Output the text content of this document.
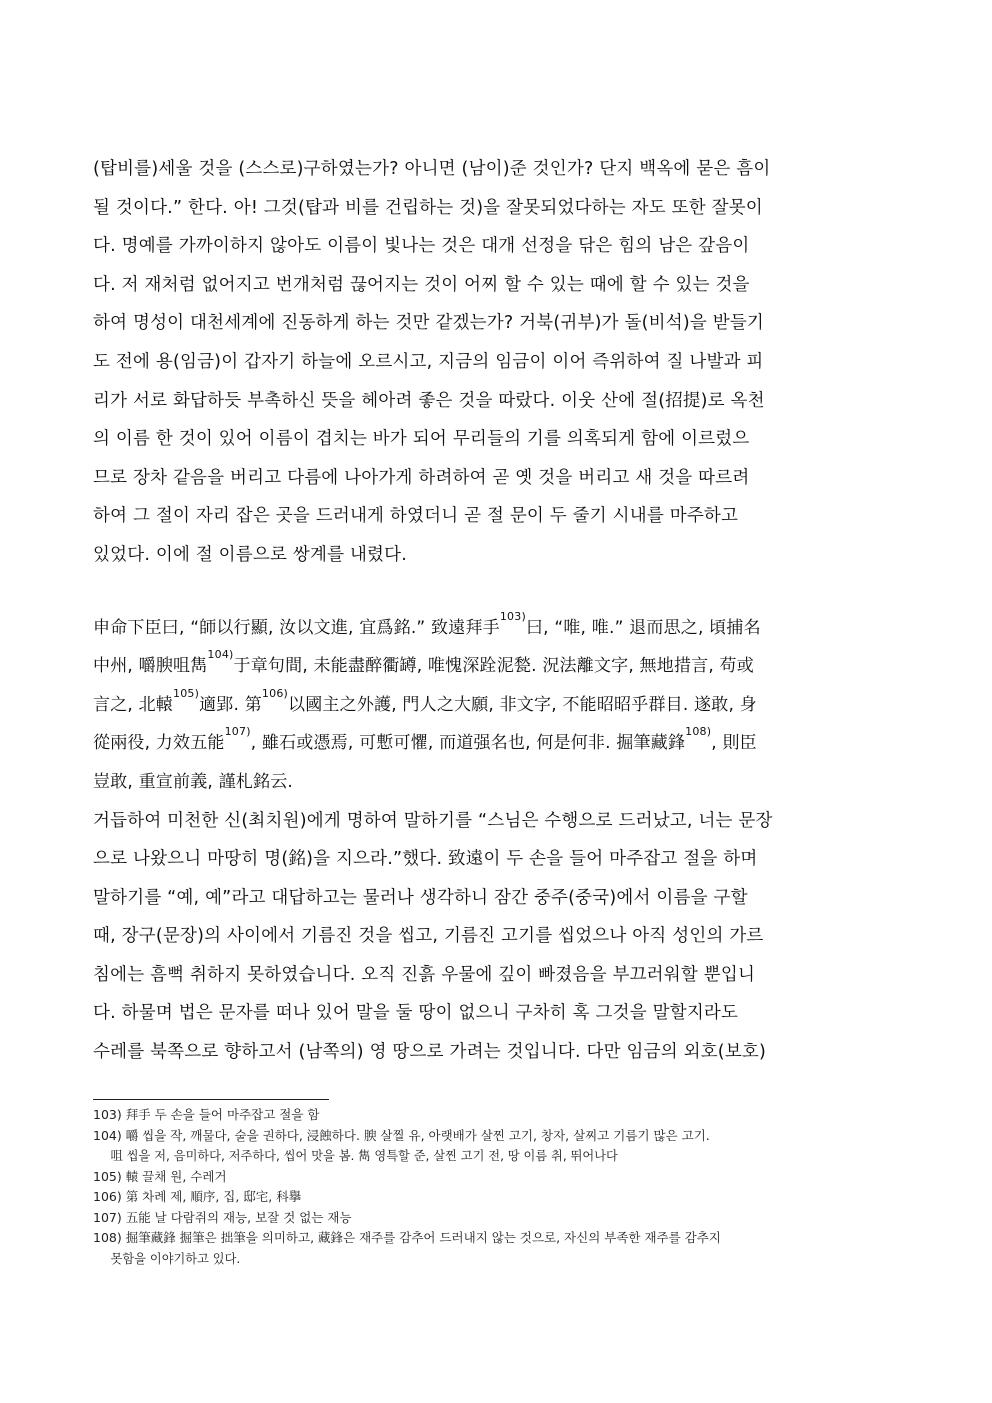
(탑비를)세울 것을 (스스로)구하였는가? 아니면 (남이)준 것인가? 단지 백옥에 묻은 흠이
될 것이다.” 한다. 아! 그것(탑과 비를 건립하는 것)을 잘못되었다하는 자도 또한 잘못이
다. 명예를 가까이하지 않아도 이름이 빛나는 것은 대개 선정을 닦은 힘의 남은 갚음이
다. 저 재처럼 없어지고 번개처럼 끊어지는 것이 어찌 할 수 있는 때에 할 수 있는 것을
하여 명성이 대천세계에 진동하게 하는 것만 같겠는가? 거북(귀부)가 돌(비석)을 받들기
도 전에 용(임금)이 갑자기 하늘에 오르시고, 지금의 임금이 이어 즉위하여 질 나발과 피
리가 서로 화답하듯 부촉하신 뜻을 헤아려 좋은 것을 따랐다. 이웃 산에 절(招提)로 옥천
의 이름 한 것이 있어 이름이 겹치는 바가 되어 무리들의 기를 의혹되게 함에 이르렀으
므로 장차 같음을 버리고 다름에 나아가게 하려하여 곧 옛 것을 버리고 새 것을 따르려
하여 그 절이 자리 잡은 곳을 드러내게 하였더니 곧 절 문이 두 줄기 시내를 마주하고
있었다. 이에 절 이름으로 쌍계를 내렸다.
申命下臣曰, “師以行顯, 汝以文進, 宜爲銘.” 致遠拜手$^{103)}$曰, “唯, 唯.” 退而思之, 頃捕名
中州, 嚼腴咀雋$^{104)}$于章句間, 未能盡醉衢罇, 唯愧深跧泥甃. 況法離文字, 無地措言, 苟或
言之, 北轅$^{105)}$適郢. 第$^{106)}$以國主之外護, 門人之大願, 非文字, 不能昭昭乎群目. 遂敢, 身
從兩役, 力效五能$^{107)}$, 雖石或憑焉, 可慙可懼, 而道强名也, 何是何非. 掘筆藏鋒$^{108)}$, 則臣
豈敢, 重宣前義, 謹札銘云.
거듭하여 미천한 신(최치원)에게 명하여 말하기를 “스님은 수행으로 드러났고, 너는 문장
으로 나왔으니 마땅히 명(銘)을 지으라.”했다. 致遠이 두 손을 들어 마주잡고 절을 하며
말하기를 “예, 예”라고 대답하고는 물러나 생각하니 잠간 중주(중국)에서 이름을 구할
때, 장구(문장)의 사이에서 기름진 것을 씹고, 기름진 고기를 씹었으나 아직 성인의 가르
침에는 흠뻑 취하지 못하였습니다. 오직 진흙 우물에 깊이 빠졌음을 부끄러워할 뿐입니
다. 하물며 법은 문자를 떠나 있어 말을 둘 땅이 없으니 구차히 혹 그것을 말할지라도
수레를 북쪽으로 향하고서 (남쪽의) 영 땅으로 가려는 것입니다. 다만 임금의 외호(보호)
103) 拜手 두 손을 들어 마주잡고 절을 함
104) 嚼 씹을 작, 깨물다, 술을 권하다, 浸蝕하다. 腴 살찔 유, 아랫배가 살찐 고기, 창자, 살찌고 기름기 많은 고기.
咀 씹을 저, 음미하다, 저주하다, 씹어 맛을 봄. 雋 영특할 준, 살찐 고기 전, 땅 이름 취, 뛰어나다
105) 轅 끌채 원, 수레거
106) 第 차례 제, 順序, 집, 邸宅, 科擧
107) 五能 날 다람쥐의 재능, 보잘 것 없는 재능
108) 掘筆藏鋒 掘筆은 拙筆을 의미하고, 藏鋒은 재주를 감추어 드러내지 않는 것으로, 자신의 부족한 재주를 감추지
못함을 이야기하고 있다.
